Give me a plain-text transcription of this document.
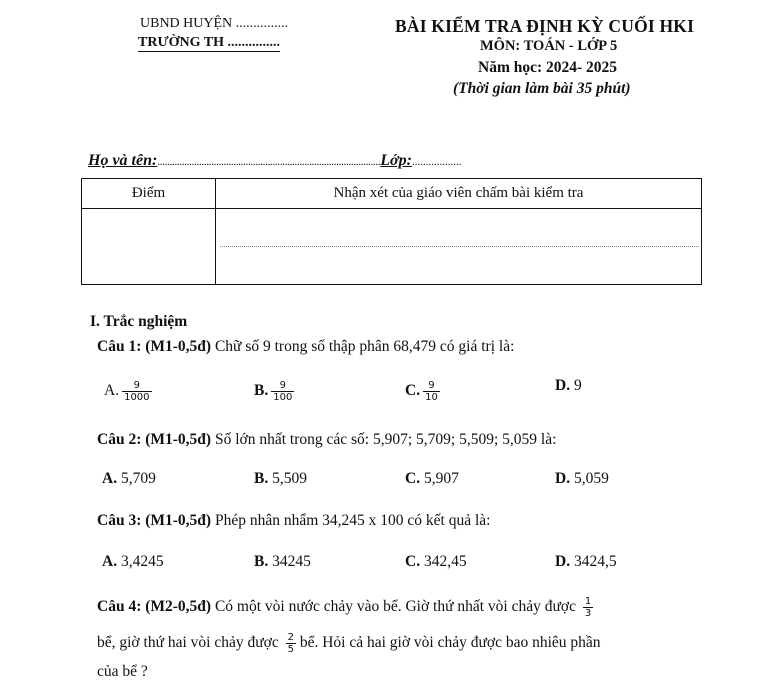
UBND HUYỆN ...............
TRƯỜNG TH ...............
BÀI KIỂM TRA ĐỊNH KỲ CUỐI HKI
MÔN: TOÁN - LỚP 5
Năm học: 2024- 2025
(Thời gian làm bài 35 phút)
Họ và tên:...........................................................................................Lớp:..................
Điểm	Nhận xét của giáo viên chấm bài kiểm tra

I. Trắc nghiệm
Câu 1: (M1-0,5đ) Chữ số 9 trong số thập phân 68,479 có giá trị là:
A. $\frac{9}{1000}$	B. $\frac{9}{100}$	C. $\frac{9}{10}$	D. 9
Câu 2: (M1-0,5đ) Số lớn nhất trong các số: 5,907; 5,709; 5,509; 5,059 là:
A. 5,709	B. 5,509	C. 5,907	D. 5,059
Câu 3: (M1-0,5đ) Phép nhân nhẩm 34,245 x 100 có kết quả là:
A. 3,4245	B. 34245	C. 342,45	D. 3424,5
Câu 4: (M2-0,5đ) Có một vòi nước chảy vào bể. Giờ thứ nhất vòi chảy được $\frac{1}{3}$
bể, giờ thứ hai vòi chảy được $\frac{2}{5}$ bể. Hỏi cả hai giờ vòi chảy được bao nhiêu phần
của bể ?
